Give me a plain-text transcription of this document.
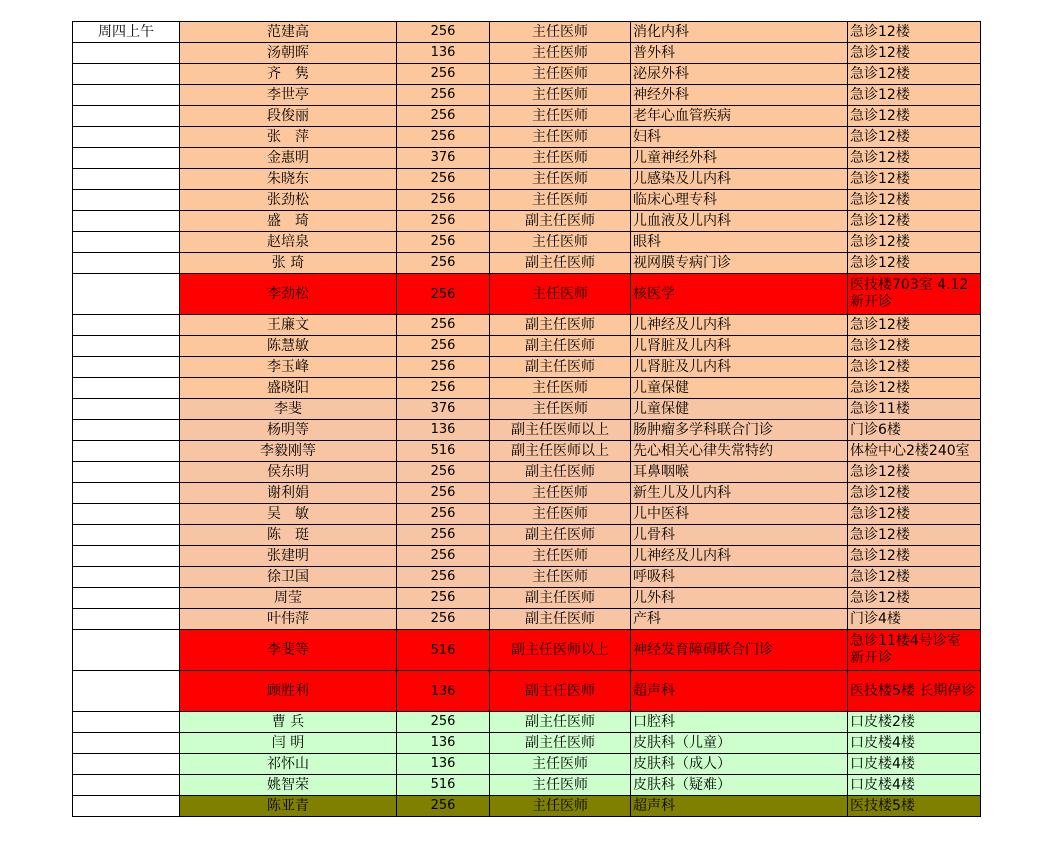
周四上午	范建高	256	主任医师	消化内科	急诊12楼
	汤朝晖	136	主任医师	普外科	急诊12楼
	齐　隽	256	主任医师	泌尿外科	急诊12楼
	李世亭	256	主任医师	神经外科	急诊12楼
	段俊丽	256	主任医师	老年心血管疾病	急诊12楼
	张　萍	256	主任医师	妇科	急诊12楼
	金惠明	376	主任医师	儿童神经外科	急诊12楼
	朱晓东	256	主任医师	儿感染及儿内科	急诊12楼
	张劲松	256	主任医师	临床心理专科	急诊12楼
	盛　琦	256	副主任医师	儿血液及儿内科	急诊12楼
	赵培泉	256	主任医师	眼科	急诊12楼
	张 琦	256	副主任医师	视网膜专病门诊	急诊12楼
	李劲松	256	主任医师	核医学	医技楼703室 4.12新开诊
	王廉文	256	副主任医师	儿神经及儿内科	急诊12楼
	陈慧敏	256	副主任医师	儿肾脏及儿内科	急诊12楼
	李玉峰	256	副主任医师	儿肾脏及儿内科	急诊12楼
	盛晓阳	256	主任医师	儿童保健	急诊12楼
	李斐	376	主任医师	儿童保健	急诊11楼
	杨明等	136	副主任医师以上	肠肿瘤多学科联合门诊	门诊6楼
	李毅刚等	516	副主任医师以上	先心相关心律失常特约	体检中心2楼240室
	侯东明	256	副主任医师	耳鼻咽喉	急诊12楼
	谢利娟	256	主任医师	新生儿及儿内科	急诊12楼
	吴　敏	256	主任医师	儿中医科	急诊12楼
	陈　珽	256	副主任医师	儿骨科	急诊12楼
	张建明	256	主任医师	儿神经及儿内科	急诊12楼
	徐卫国	256	主任医师	呼吸科	急诊12楼
	周莹	256	副主任医师	儿外科	急诊12楼
	叶伟萍	256	副主任医师	产科	门诊4楼
	李斐等	516	副主任医师以上	神经发育障碍联合门诊	急诊11楼4号诊室 新开诊
	顾胜利	136	副主任医师	超声科	医技楼5楼 长期停诊
	曹 兵	256	副主任医师	口腔科	口皮楼2楼
	闫 明	136	副主任医师	皮肤科（儿童）	口皮楼4楼
	祁怀山	136	主任医师	皮肤科（成人）	口皮楼4楼
	姚智荣	516	主任医师	皮肤科（疑难）	口皮楼4楼
	陈亚青	256	主任医师	超声科	医技楼5楼
